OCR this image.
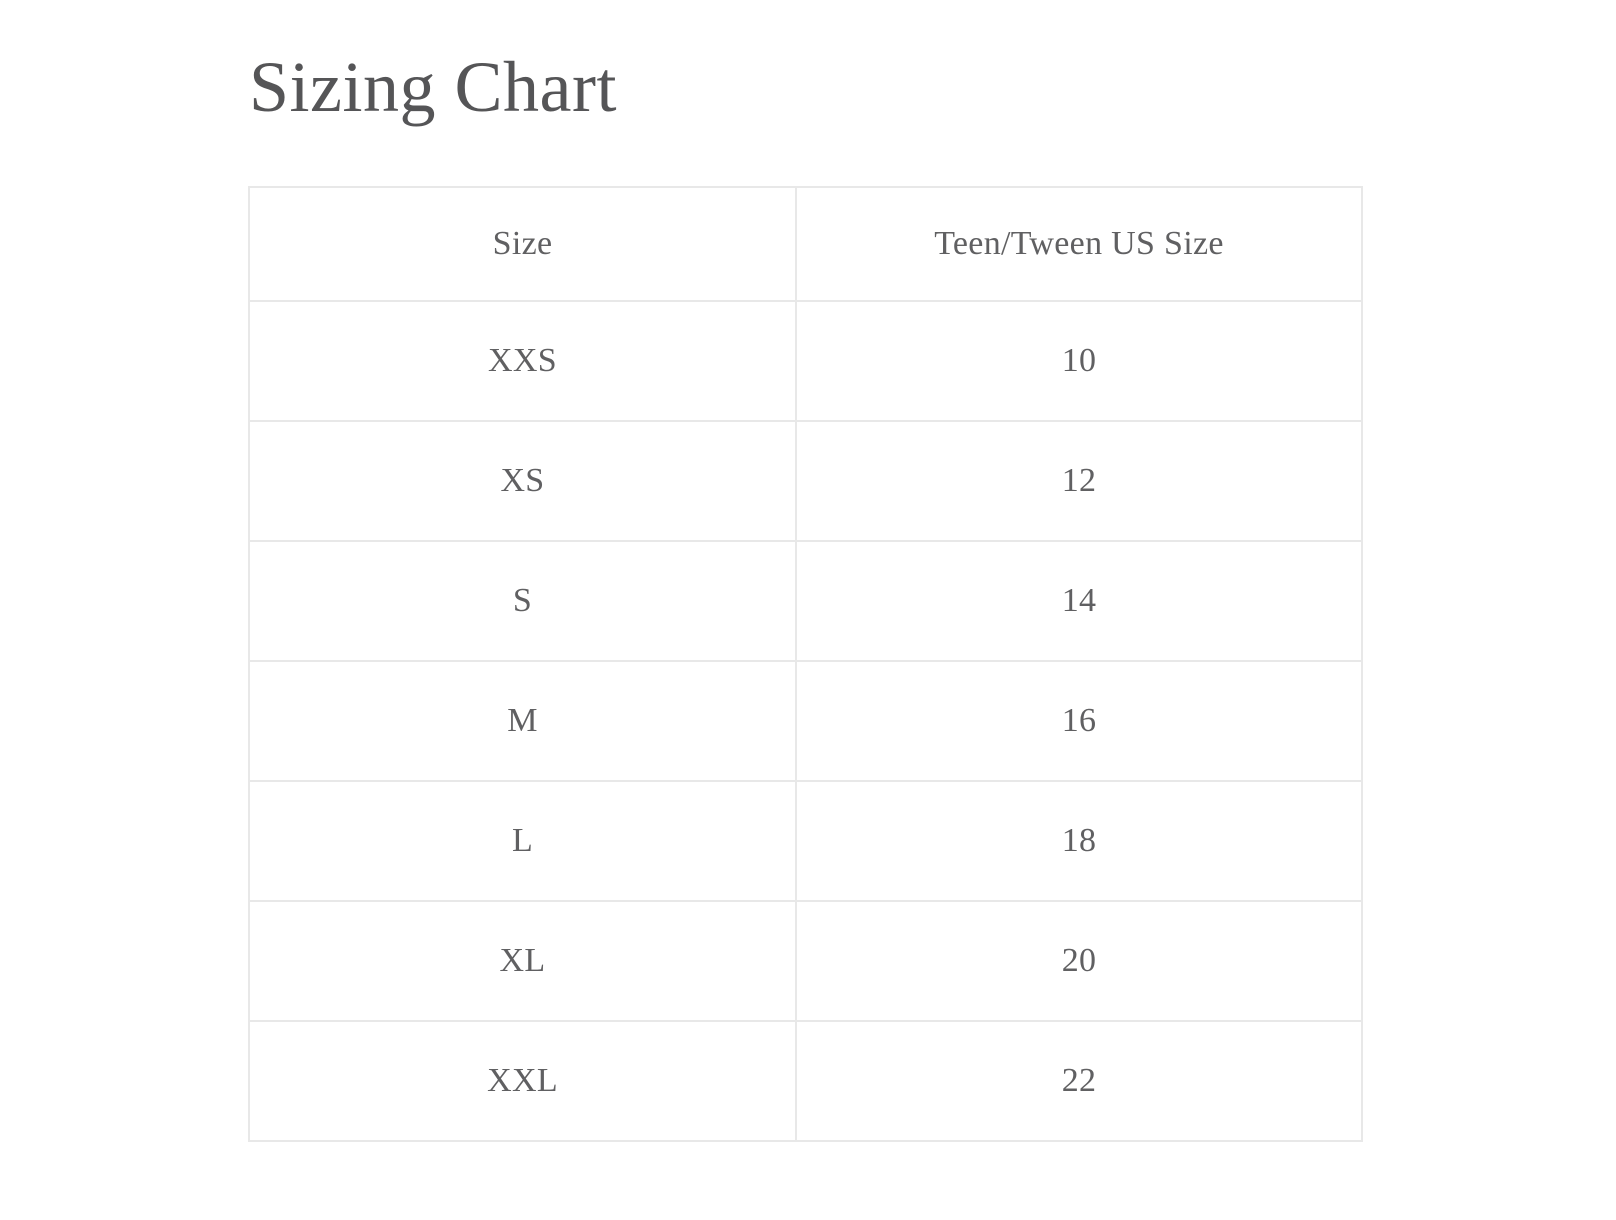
Sizing Chart
Size	Teen/Tween US Size
XXS	10
XS	12
S	14
M	16
L	18
XL	20
XXL	22
